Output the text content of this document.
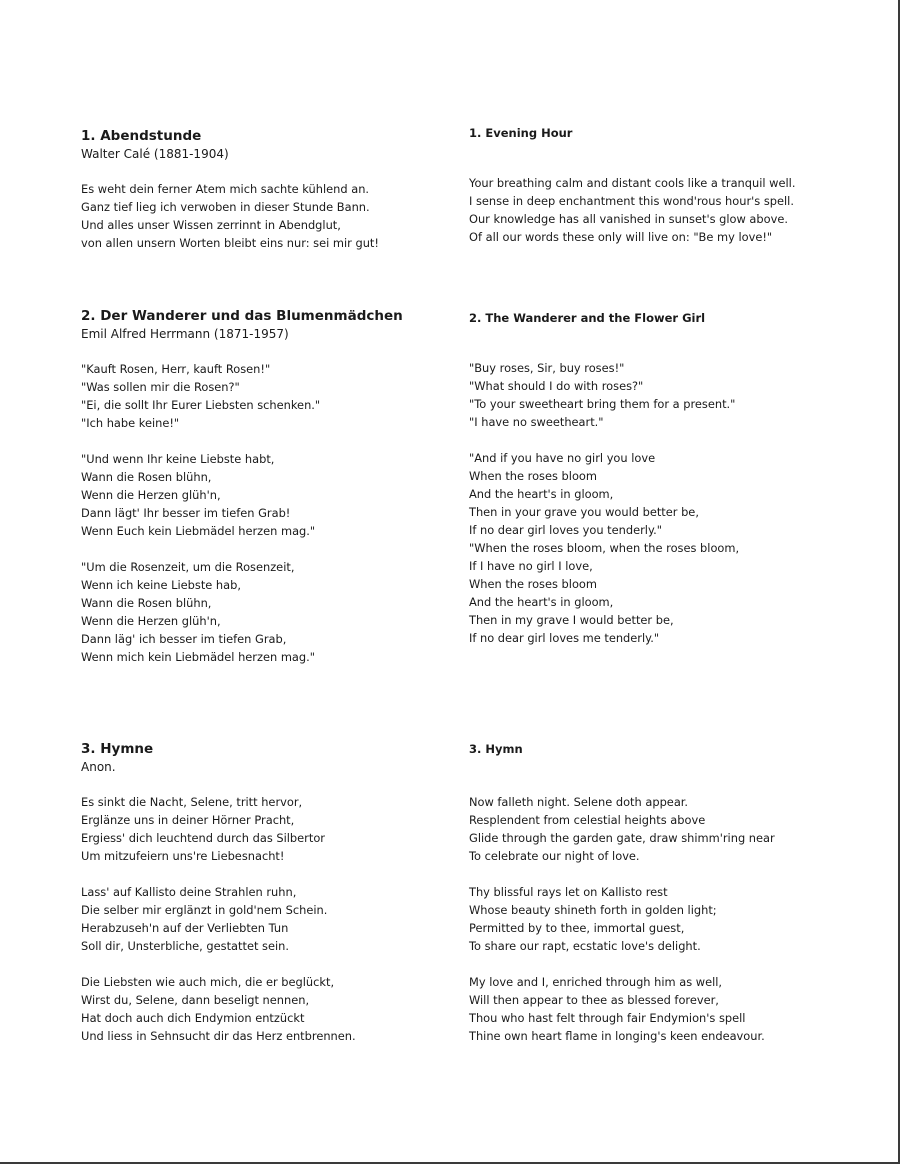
1. Abendstunde

Walter Calé (1881-1904)

Es weht dein ferner Atem mich sachte kühlend an.
Ganz tief lieg ich verwoben in dieser Stunde Bann.
Und alles unser Wissen zerrinnt in Abendglut,
von allen unsern Worten bleibt eins nur: sei mir gut!

1. Evening Hour

Your breathing calm and distant cools like a tranquil well.
I sense in deep enchantment this wond'rous hour's spell.
Our knowledge has all vanished in sunset's glow above.
Of all our words these only will live on: "Be my love!"

2. Der Wanderer und das Blumenmädchen

Emil Alfred Herrmann (1871-1957)

"Kauft Rosen, Herr, kauft Rosen!"
"Was sollen mir die Rosen?"
"Ei, die sollt Ihr Eurer Liebsten schenken."
"Ich habe keine!"

"Und wenn Ihr keine Liebste habt,
Wann die Rosen blühn,
Wenn die Herzen glüh'n,
Dann lägt' Ihr besser im tiefen Grab!
Wenn Euch kein Liebmädel herzen mag."

"Um die Rosenzeit, um die Rosenzeit,
Wenn ich keine Liebste hab,
Wann die Rosen blühn,
Wenn die Herzen glüh'n,
Dann läg' ich besser im tiefen Grab,
Wenn mich kein Liebmädel herzen mag."

2. The Wanderer and the Flower Girl

"Buy roses, Sir, buy roses!"
"What should I do with roses?"
"To your sweetheart bring them for a present."
"I have no sweetheart."

"And if you have no girl you love
When the roses bloom
And the heart's in gloom,
Then in your grave you would better be,
If no dear girl loves you tenderly."
"When the roses bloom, when the roses bloom,
If I have no girl I love,
When the roses bloom
And the heart's in gloom,
Then in my grave I would better be,
If no dear girl loves me tenderly."

3. Hymne

Anon.

Es sinkt die Nacht, Selene, tritt hervor,
Erglänze uns in deiner Hörner Pracht,
Ergiess' dich leuchtend durch das Silbertor
Um mitzufeiern uns're Liebesnacht!

Lass' auf Kallisto deine Strahlen ruhn,
Die selber mir erglänzt in gold'nem Schein.
Herabzuseh'n auf der Verliebten Tun
Soll dir, Unsterbliche, gestattet sein.

Die Liebsten wie auch mich, die er beglückt,
Wirst du, Selene, dann beseligt nennen,
Hat doch auch dich Endymion entzückt
Und liess in Sehnsucht dir das Herz entbrennen.

3. Hymn

Now falleth night. Selene doth appear.
Resplendent from celestial heights above
Glide through the garden gate, draw shimm'ring near
To celebrate our night of love.

Thy blissful rays let on Kallisto rest
Whose beauty shineth forth in golden light;
Permitted by to thee, immortal guest,
To share our rapt, ecstatic love's delight.

My love and I, enriched through him as well,
Will then appear to thee as blessed forever,
Thou who hast felt through fair Endymion's spell
Thine own heart flame in longing's keen endeavour.
